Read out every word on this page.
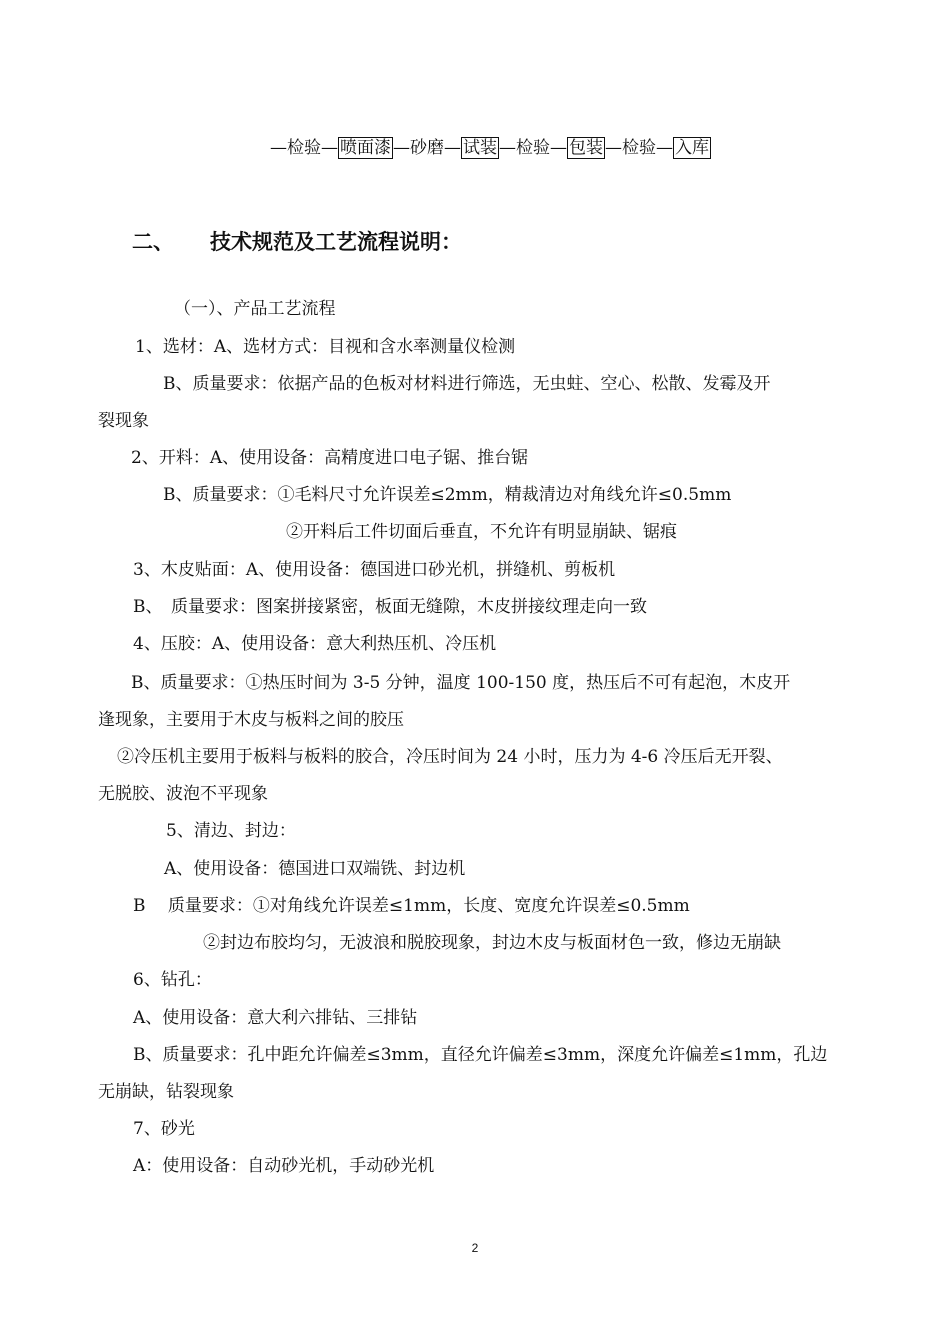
—检验— 喷面漆 —砂磨— 试装 —检验— 包装 —检验— 入库
二、 技术规范及工艺流程说明：
（一）、产品工艺流程
1、选材：A、选材方式：目视和含水率测量仪检测
B、质量要求：依据产品的色板对材料进行筛选，无虫蛀、空心、松散、发霉及开
裂现象
2、开料：A、使用设备：高精度进口电子锯、推台锯
B、质量要求：①毛料尺寸允许误差≤2mm，精裁清边对角线允许≤0.5mm
②开料后工件切面后垂直，不允许有明显崩缺、锯痕
3、木皮贴面：A、使用设备：德国进口砂光机，拼缝机、剪板机
B、　质量要求：图案拼接紧密，板面无缝隙，木皮拼接纹理走向一致
4、压胶：A、使用设备：意大利热压机、冷压机
B、质量要求：①热压时间为 3-5 分钟，温度 100-150 度，热压后不可有起泡，木皮开
逢现象，主要用于木皮与板料之间的胶压
②冷压机主要用于板料与板料的胶合，冷压时间为 24 小时，压力为 4-6 冷压后无开裂、
无脱胶、波泡不平现象
5、清边、封边：
A、使用设备：德国进口双端铣、封边机
B　 质量要求：①对角线允许误差≤1mm，长度、宽度允许误差≤0.5mm
②封边布胶均匀，无波浪和脱胶现象，封边木皮与板面材色一致，修边无崩缺
6、钻孔：
A、使用设备：意大利六排钻、三排钻
B、质量要求：孔中距允许偏差≤3mm，直径允许偏差≤3mm，深度允许偏差≤1mm，孔边
无崩缺，钻裂现象
7、砂光
A：使用设备：自动砂光机，手动砂光机
2
